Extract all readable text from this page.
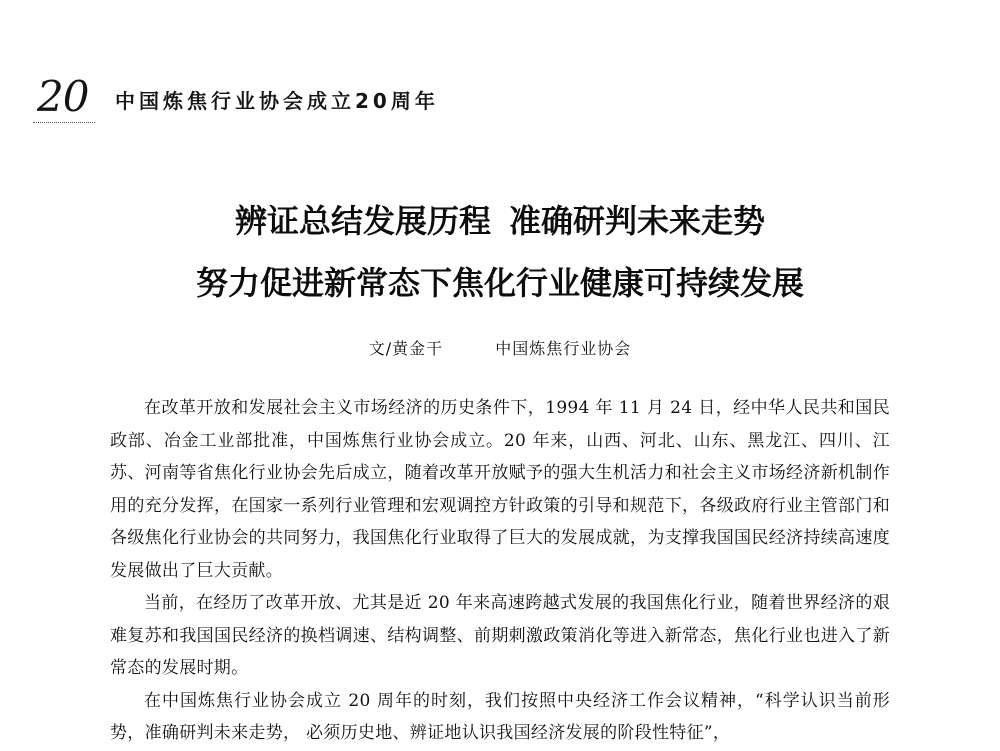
20 中国炼焦行业协会成立20周年
辨证总结发展历程 准确研判未来走势
努力促进新常态下焦化行业健康可持续发展
文/黄金干	中国炼焦行业协会

在改革开放和发展社会主义市场经济的历史条件下，1994 年 11 月 24 日，经中华人民共和国民政部、冶金工业部批准，中国炼焦行业协会成立。20 年来，山西、河北、山东、黑龙江、四川、江苏、河南等省焦化行业协会先后成立，随着改革开放赋予的强大生机活力和社会主义市场经济新机制作用的充分发挥，在国家一系列行业管理和宏观调控方针政策的引导和规范下，各级政府行业主管部门和各级焦化行业协会的共同努力，我国焦化行业取得了巨大的发展成就，为支撑我国国民经济持续高速度发展做出了巨大贡献。

当前，在经历了改革开放、尤其是近 20 年来高速跨越式发展的我国焦化行业，随着世界经济的艰难复苏和我国国民经济的换档调速、结构调整、前期刺激政策消化等进入新常态，焦化行业也进入了新常态的发展时期。

在中国炼焦行业协会成立 20 周年的时刻，我们按照中央经济工作会议精神，“科学认识当前形势，准确研判未来走势， 必须历史地、辨证地认识我国经济发展的阶段性特征”，
